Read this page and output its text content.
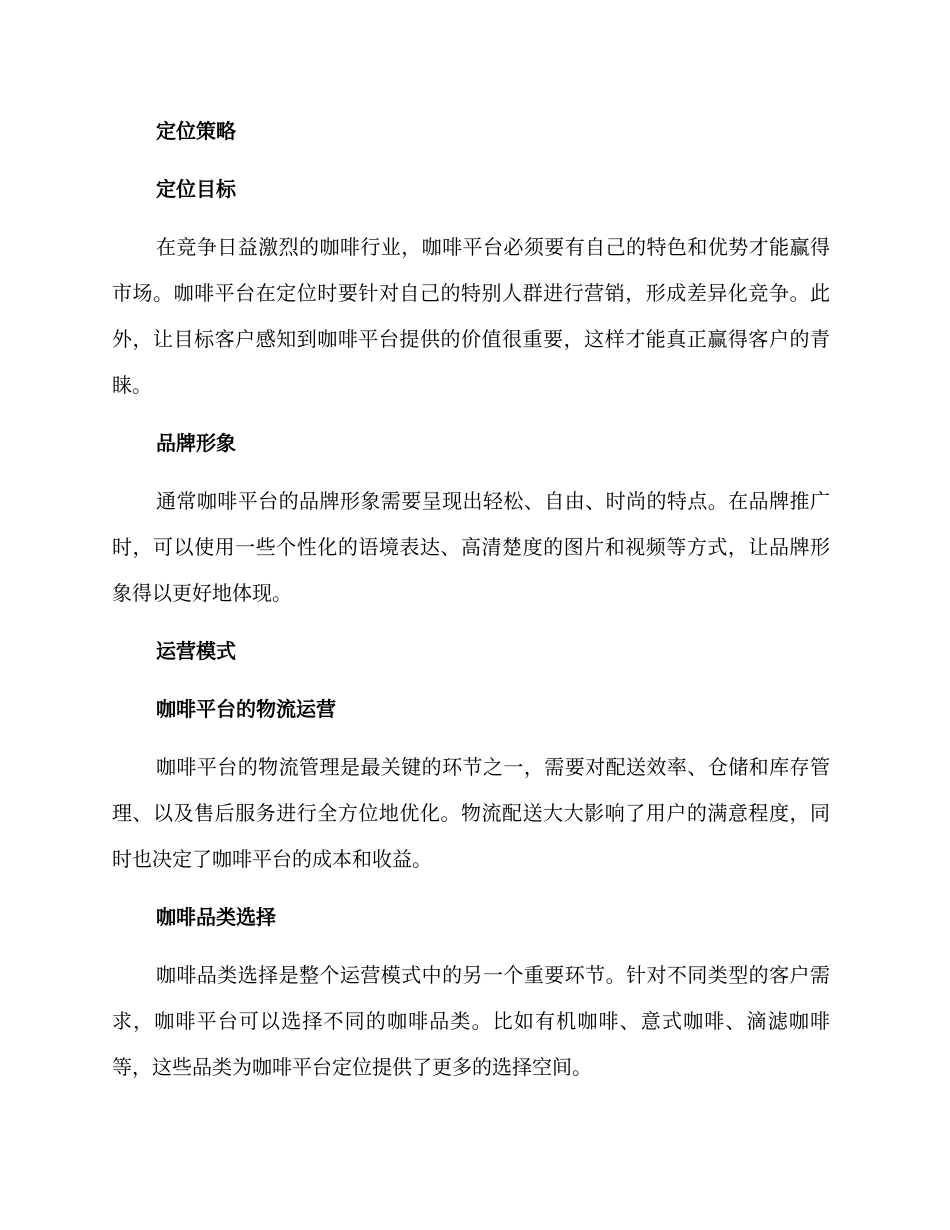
定位策略
定位目标
在竞争日益激烈的咖啡行业，咖啡平台必须要有自己的特色和优势才能赢得市场。咖啡平台在定位时要针对自己的特别人群进行营销，形成差异化竞争。此外，让目标客户感知到咖啡平台提供的价值很重要，这样才能真正赢得客户的青睐。
品牌形象
通常咖啡平台的品牌形象需要呈现出轻松、自由、时尚的特点。在品牌推广时，可以使用一些个性化的语境表达、高清楚度的图片和视频等方式，让品牌形象得以更好地体现。
运营模式
咖啡平台的物流运营
咖啡平台的物流管理是最关键的环节之一，需要对配送效率、仓储和库存管理、以及售后服务进行全方位地优化。物流配送大大影响了用户的满意程度，同时也决定了咖啡平台的成本和收益。
咖啡品类选择
咖啡品类选择是整个运营模式中的另一个重要环节。针对不同类型的客户需求，咖啡平台可以选择不同的咖啡品类。比如有机咖啡、意式咖啡、滴滤咖啡等，这些品类为咖啡平台定位提供了更多的选择空间。
